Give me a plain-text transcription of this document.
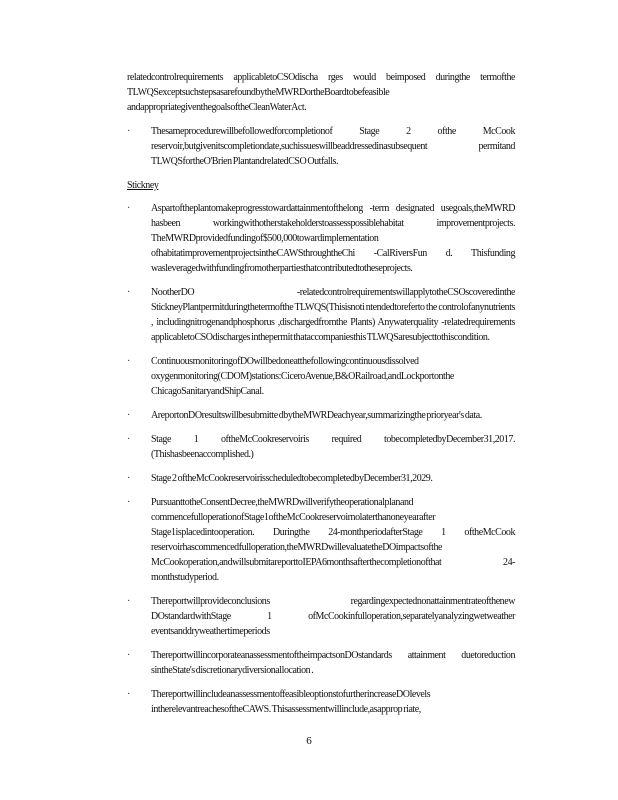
relatedcontrolrequirements applicabletoCSOdischa rges would beimposed duringthe termofthe TLWQSexceptsuchstepsasarefoundbytheMWRDortheBoardtobefeasible andappropriategiventhegoalsoftheCleanWaterAct.

·	Thesameprocedurewillbefollowedforcompletionof Stage 2 ofthe McCook reservoir,butgivenitscompletiondate,suchissueswillbeaddressedinasubsequent permitand TLWQSfortheO'Brien PlantandrelatedCSO Outfalls.

Stickney

·	Aspartoftheplantomakeprogresstowardattainmentofthelong -term designated usegoals,theMWRD hasbeen workingwithotherstakeholderstoassesspossiblehabitat improvementprojects. TheMWRDprovidedfundingof$500,000towardimplementation ofhabitatimprovementprojectsintheCAWSthroughtheChi -CalRiversFun d. Thisfunding wasleveragedwithfundingfromotherpartiesthatcontributedtotheseprojects.
·	NootherDO -relatedcontrolrequirementswillapplytotheCSOscoveredinthe StickneyPlantpermitduringthetermofthe TLWQS(Thisisnoti ntendedtoreferto the controlofanynutrients , includingnitrogenandphosphorus ,dischargedfromthe Plants) Anywaterquality -relatedrequirements applicabletoCSOdischarges inthepermit thataccompaniesthis TLWQSaresubjecttothiscondition.
·	ContinuousmonitoringofDOwillbedoneatthefollowingcontinuousdissolved oxygenmonitoring(CDOM)stations:CiceroAvenue,B&ORailroad,andLockportonthe ChicagoSanitaryandShipCanal.
·	AreportonDOresultswillbesubmitte dbytheMWRDeachyear,summarizingthe prioryear's data.
·	Stage 1 oftheMcCookreservoiris required tobecompletedbyDecember31,2017. (Thishasbeenaccomplished.)
·	Stage 2 oftheMcCookreservoirisscheduledtobecompletedbyDecember31,2029.
·	PursuanttotheConsentDecree,theMWRDwillverifytheoperationalplanand commencefulloperationofStage1oftheMcCookreservoirnolaterthanoneyearafter Stage1isplacedintooperation. Duringthe 24-monthperiodafterStage 1 oftheMcCook reservoirhascommencedfulloperation,theMWRDwillevaluatetheDOimpactsofthe McCookoperation,andwillsubmitareporttoIEPA6monthsafterthecompletionofthat 24-monthstudyperiod.
·	Thereportwillprovideconclusions regardingexpectednonattainmentrateofthenew DOstandardwithStage 1 ofMcCookinfulloperation,separatelyanalyzingwetweather eventsanddryweathertimeperiods
·	ThereportwillincorporateanassessmentoftheimpactsonDOstandards attainment duetoreduction sintheState's discretionarydiversionallocation .
·	ThereportwillincludeanassessmentoffeasibleoptionstofurtherincreaseDOlevels intherelevantreachesoftheCAWS. Thisassessmentwillinclude,asapprop riate,
6
